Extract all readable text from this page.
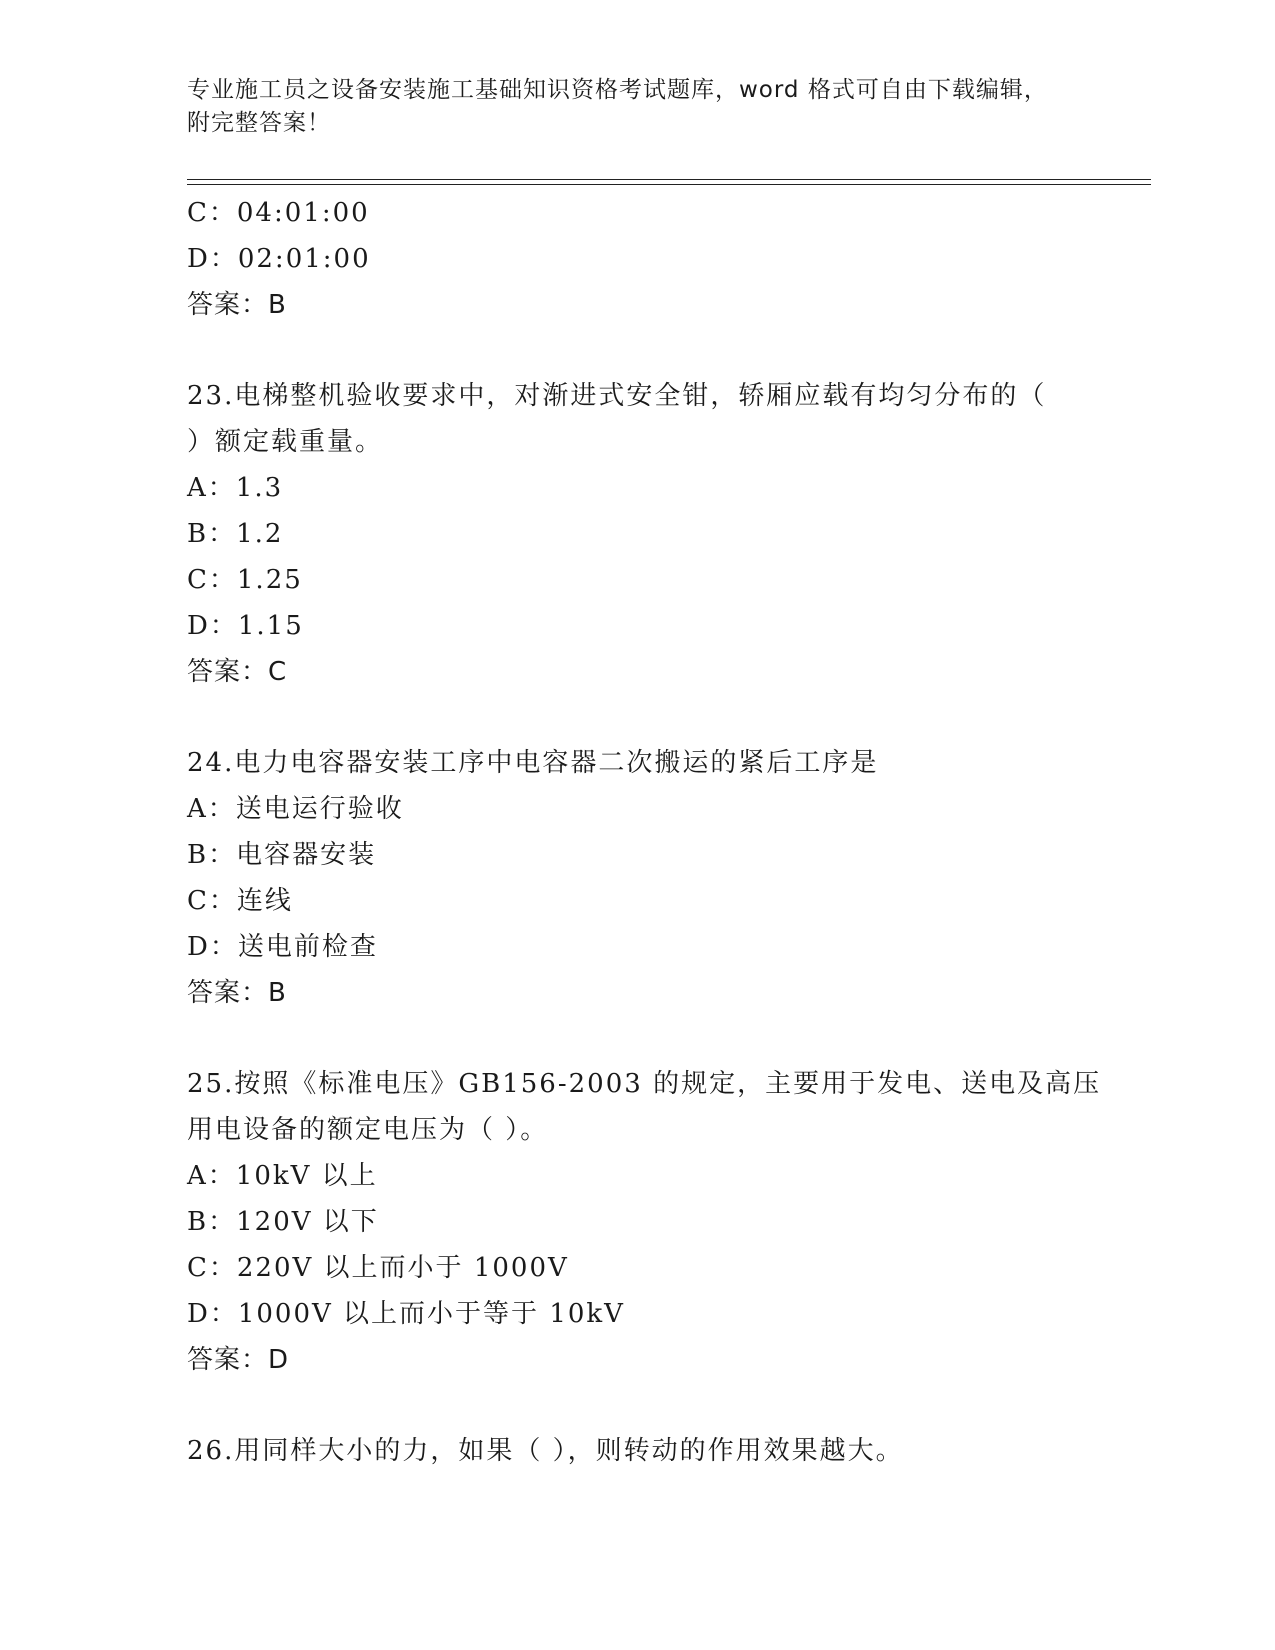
专业施工员之设备安装施工基础知识资格考试题库，word 格式可自由下载编辑，
附完整答案！
C：04:01:00
D：02:01:00
答案：B
23.电梯整机验收要求中，对渐进式安全钳，轿厢应载有均匀分布的（
）额定载重量。
A：1.3
B：1.2
C：1.25
D：1.15
答案：C
24.电力电容器安装工序中电容器二次搬运的紧后工序是
A：送电运行验收
B：电容器安装
C：连线
D：送电前检查
答案：B
25.按照《标准电压》GB156-2003 的规定，主要用于发电、送电及高压
用电设备的额定电压为（ ）。
A：10kV 以上
B：120V 以下
C：220V 以上而小于 1000V
D：1000V 以上而小于等于 10kV
答案：D
26.用同样大小的力，如果（ ），则转动的作用效果越大。
